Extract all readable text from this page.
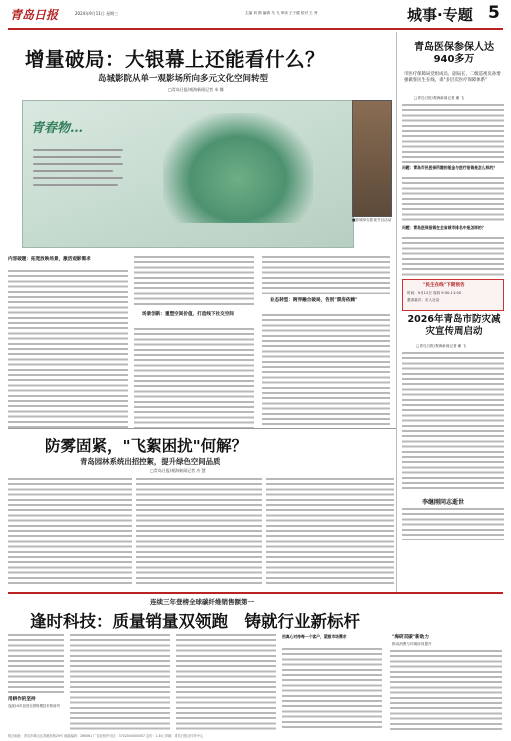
青岛日报	2024年9月11日 星期三	主编 刘 斯 编辑 马 飞 审读 王子健 校对 王 秀	城事·专题 5
增量破局：大银幕上还能看什么？
岛城影院从单一观影场所向多元文化空间转型
□青岛日报/观海新闻记者 米 娜
青春物…
■影城举办影视节目活动
内容破题：拓宽放映场景，激活观影需求
场景创新：重塑空间价值，打造线下社交空间
业态转型：跨界融合破局，告别"票房依赖"
青岛医保参保人达940多万
市医疗保障局党组成员、副局长，二级巡视员孙增强做客民生在线，谈"多层次医疗保障体系"
□青岛日报/观海新闻记者 廉 飞
问题：青岛市民医保所缴的基金与医疗报销是怎么样的？
问题：青岛医保报销在全省城市排名中是怎样的？
"民生在线"下期预告
时间：9月12日 周四 9:30-11:00
邀请嘉宾：市人社局
2026年青岛市防灾减灾宣传周启动
□青岛日报/观海新闻记者 廉 飞
李继刚同志逝世
防雾固紧，"飞絮困扰"何解？
青岛园林系统出招控絮，提升绿色空间品质
□青岛日报/观海新闻记者 冷 慧
连续三年登榜全球碳纤维销售额第一
逢时科技：质量销量双领跑　铸就行业新标杆
用耕作的坚持
连续10年登顶全国规模技术榜前列
用真心对待每一个客户，紧跟市场需求	"海研双碳"新助力
推动消费与环境协同提升
报社地址：青岛市崂山区香港东路29号 邮政编码：266061 广告经营许可证：3702004000007 定价：1.8元 印刷：青岛日报社印务中心
